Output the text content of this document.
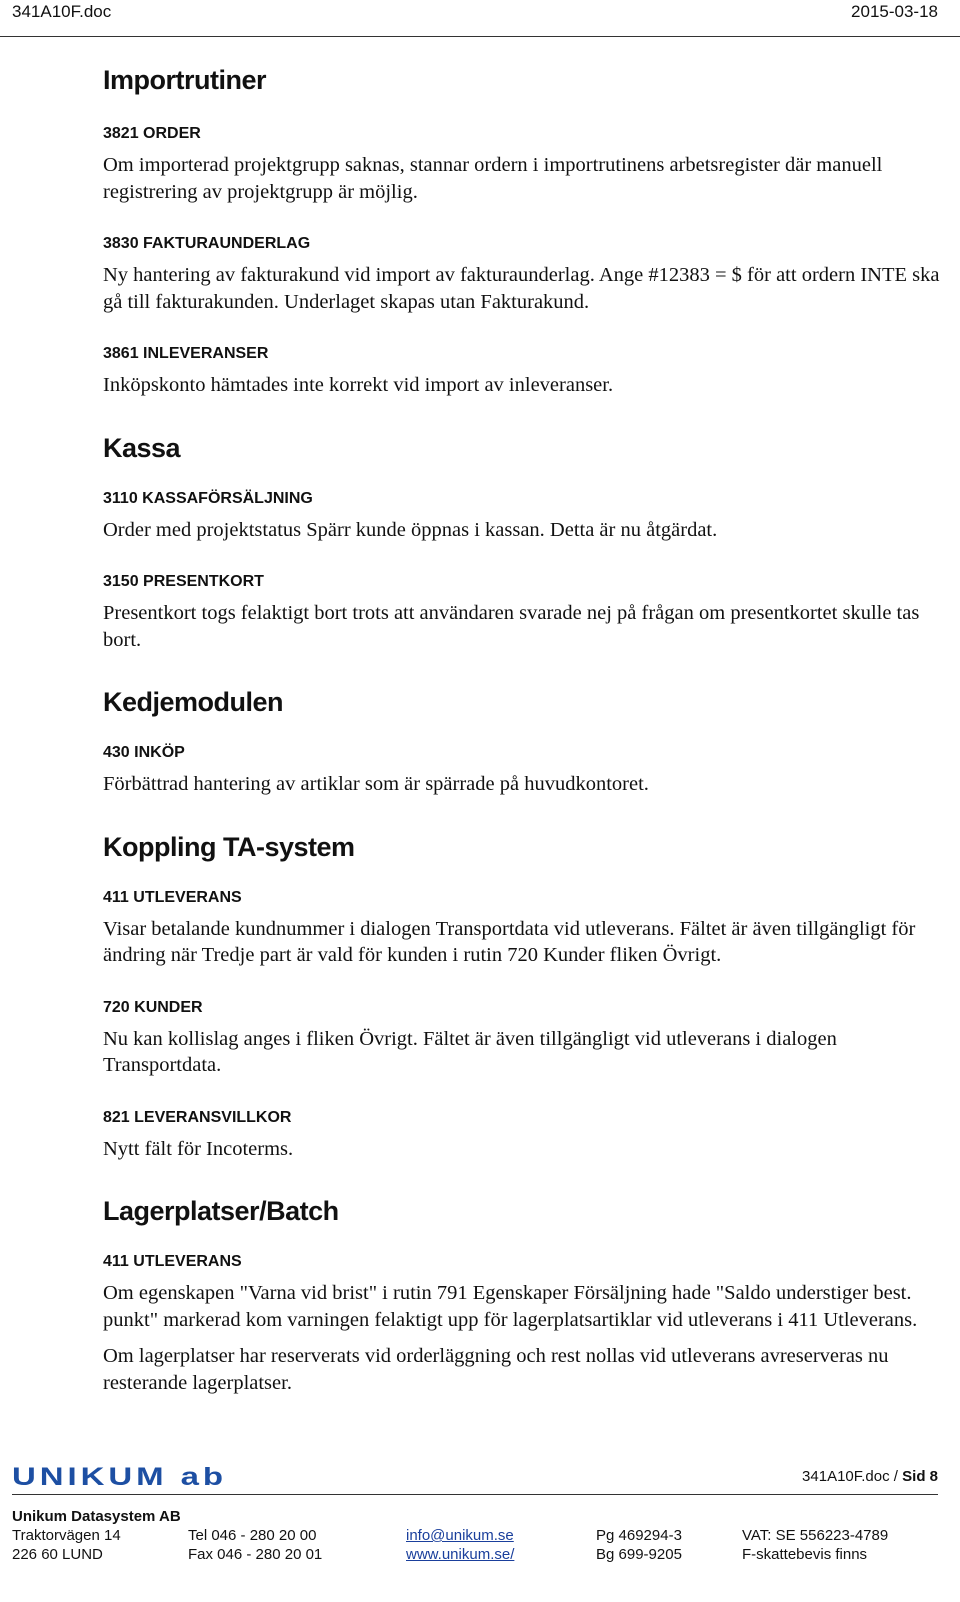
341A10F.doc	2015-03-18
Importrutiner
3821 ORDER

Om importerad projektgrupp saknas, stannar ordern i importrutinens arbetsregister där manuell registrering av projektgrupp är möjlig.

3830 FAKTURAUNDERLAG

Ny hantering av fakturakund vid import av fakturaunderlag. Ange #12383 = $ för att ordern INTE ska gå till fakturakunden. Underlaget skapas utan Fakturakund.

3861 INLEVERANSER

Inköpskonto hämtades inte korrekt vid import av inleveranser.

Kassa
3110 KASSAFÖRSÄLJNING

Order med projektstatus Spärr kunde öppnas i kassan. Detta är nu åtgärdat.

3150 PRESENTKORT

Presentkort togs felaktigt bort trots att användaren svarade nej på frågan om presentkortet skulle tas bort.

Kedjemodulen
430 INKÖP

Förbättrad hantering av artiklar som är spärrade på huvudkontoret.

Koppling TA-system
411 UTLEVERANS

Visar betalande kundnummer i dialogen Transportdata vid utleverans. Fältet är även tillgängligt för ändring när Tredje part är vald för kunden i rutin 720 Kunder fliken Övrigt.

720 KUNDER

Nu kan kollislag anges i fliken Övrigt. Fältet är även tillgängligt vid utleverans i dialogen Transportdata.

821 LEVERANSVILLKOR

Nytt fält för Incoterms.

Lagerplatser/Batch
411 UTLEVERANS

Om egenskapen "Varna vid brist" i rutin 791 Egenskaper Försäljning hade "Saldo understiger best. punkt" markerad kom varningen felaktigt upp för lagerplatsartiklar vid utleverans i 411 Utleverans.

Om lagerplatser har reserverats vid orderläggning och rest nollas vid utleverans avreserveras nu resterande lagerplatser.

UNIKUM ab	341A10F.doc / Sid 8
Unikum Datasystem AB
Traktorvägen 14
226 60 LUND
Tel 046 - 280 20 00
Fax 046 - 280 20 01
info@unikum.se
www.unikum.se/
Pg 469294-3
Bg 699-9205
VAT: SE 556223-4789
F-skattebevis finns
